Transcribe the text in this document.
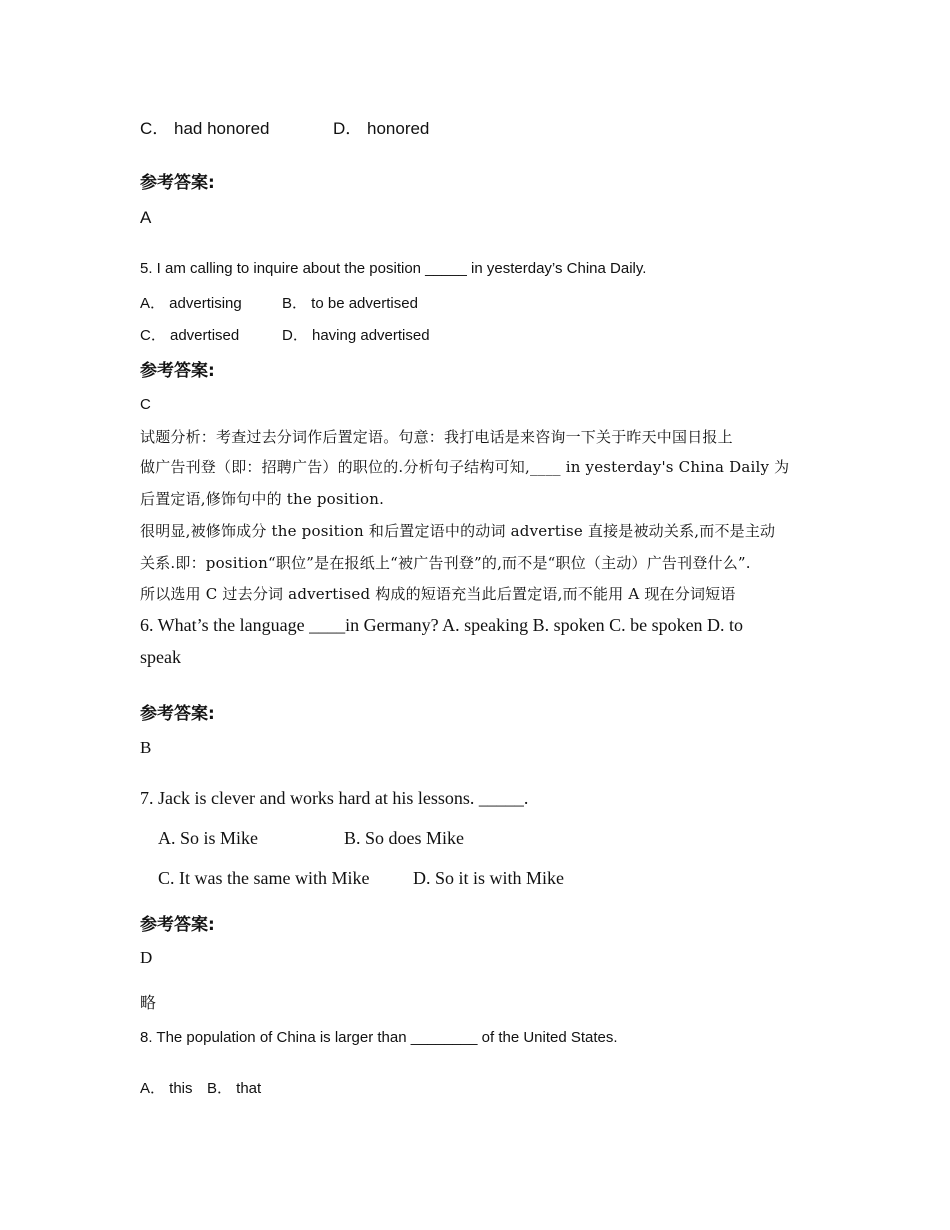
C． had honored	D． honored
参考答案:
A
5. I am calling to inquire about the position _____ in yesterday’s China Daily.
A． advertising	B． to be advertised
C． advertised	D． having advertised
参考答案:
C
试题分析：考查过去分词作后置定语。句意：我打电话是来咨询一下关于昨天中国日报上
做广告刊登（即：招聘广告）的职位的.分析句子结构可知,____ in yesterday's China Daily 为
后置定语,修饰句中的 the position.
很明显,被修饰成分 the position 和后置定语中的动词 advertise 直接是被动关系,而不是主动
关系.即：position“职位”是在报纸上“被广告刊登”的,而不是“职位（主动）广告刊登什么”.
所以选用 C 过去分词 advertised 构成的短语充当此后置定语,而不能用 A 现在分词短语
6. What’s the language ____in Germany? A. speaking B. spoken C. be spoken D. to
speak
参考答案:
B
7. Jack is clever and works hard at his lessons. _____.
A. So is Mike	B. So does Mike
C. It was the same with Mike D. So it is with Mike
参考答案:
D
略
8. The population of China is larger than ________ of the United States.
A． this B． that
